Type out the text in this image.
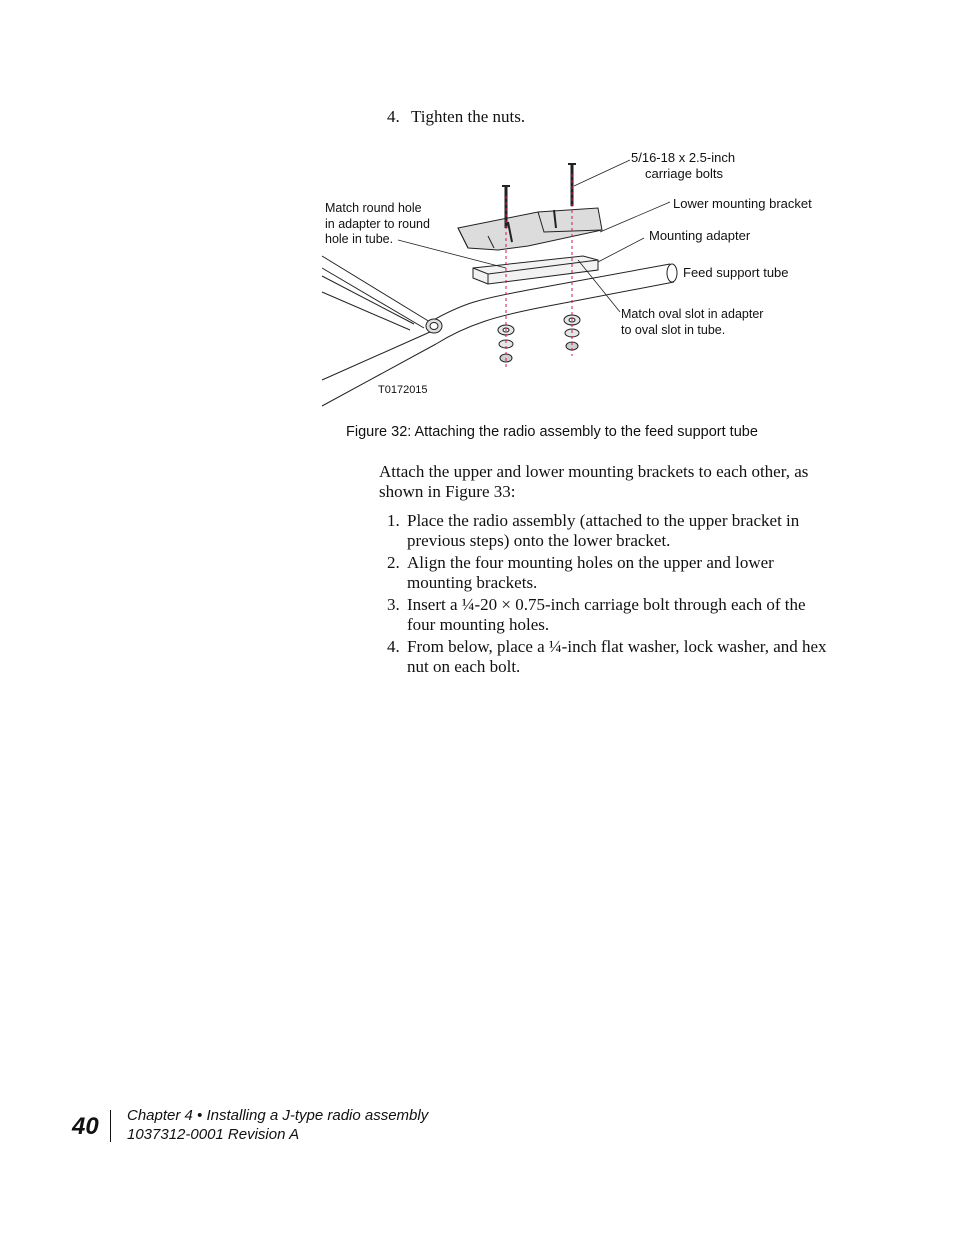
4. Tighten the nuts.
5/16-18 x 2.5-inch
carriage bolts
Lower mounting bracket
Match round hole
in adapter to round
hole in tube.	Mounting adapter
Feed support tube
Match oval slot in adapter
to oval slot in tube.
T0172015
Figure 32: Attaching the radio assembly to the feed support tube
Attach the upper and lower mounting brackets to each other, as shown in Figure 33:
1. Place the radio assembly (attached to the upper bracket in previous steps) onto the lower bracket.
2. Align the four mounting holes on the upper and lower mounting brackets.
3. Insert a ¼-20 × 0.75-inch carriage bolt through each of the four mounting holes.
4. From below, place a ¼-inch flat washer, lock washer, and hex nut on each bolt.
40 Chapter 4 • Installing a J-type radio assembly
1037312-0001 Revision A
